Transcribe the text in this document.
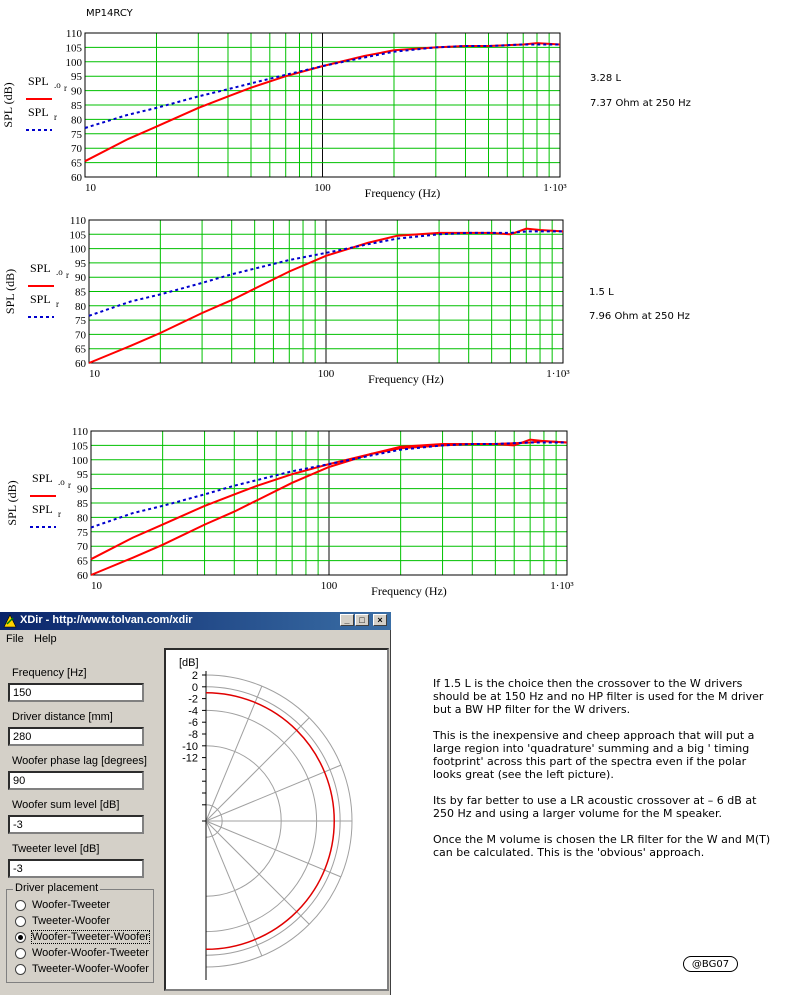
MP14RCY
110
105
100
95
90
85
80
75
70
65
60
10	100	1·10³
Frequency (Hz)
SPL (dB)
SPL .o r
SPL r
110
105
100
95
90
85
80
75
70
65
60
10	100	1·10³
Frequency (Hz)
SPL (dB)
SPL .o r
SPL r
110
105
100
95
90
85
80
75
70
65
60
10	100	1·10³
Frequency (Hz)
SPL (dB)
SPL .o r
SPL r
3.28 L
7.37 Ohm at 250 Hz
1.5 L
7.96 Ohm at 250 Hz
XDir - http://www.tolvan.com/xdir	_	□	×
File Help
Frequency [Hz]
150
Driver distance [mm]
280
Woofer phase lag [degrees]
90
Woofer sum level [dB]
-3
Tweeter level [dB]
-3
Driver placement
Woofer-Tweeter
Tweeter-Woofer
Woofer-Tweeter-Woofer
Woofer-Woofer-Tweeter
Tweeter-Woofer-Woofer
[dB]
2
0
-2
-4
-6
-8
-10
-12

If 1.5 L is the choice then the crossover to the W drivers should be at 150 Hz and no HP filter is used for the M driver but a BW HP filter for the W drivers.

This is the inexpensive and cheep approach that will put a large region into 'quadrature' summing and a big ' timing footprint' across this part of the spectra even if the polar looks great (see the left picture).

Its by far better to use a LR acoustic crossover at – 6 dB at 250 Hz and using a larger volume for the M speaker.

Once the M volume is chosen the LR filter for the W and M(T) can be calculated. This is the 'obvious' approach.

@BG07
